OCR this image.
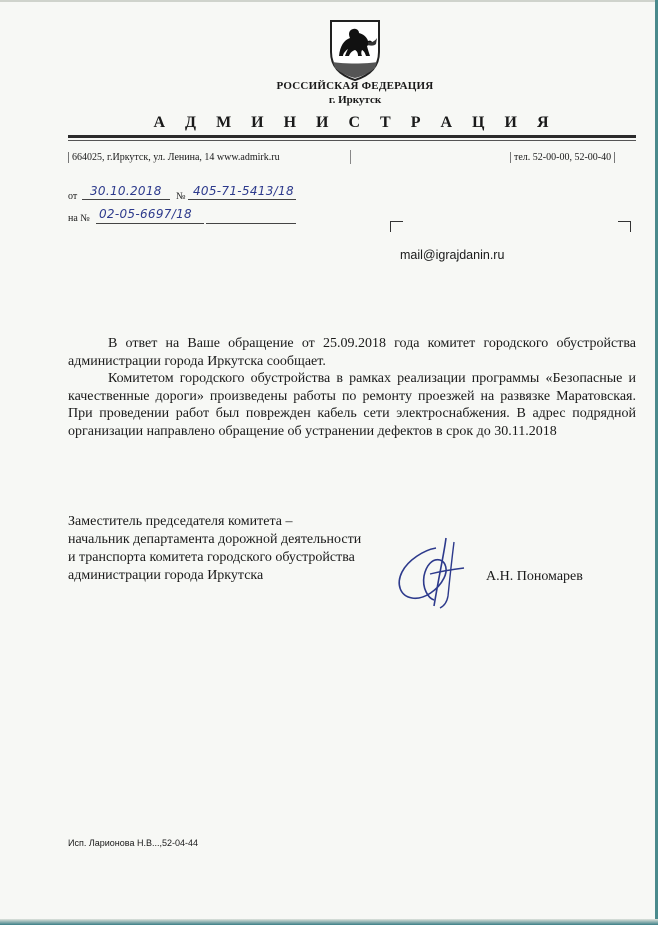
РОССИЙСКАЯ ФЕДЕРАЦИЯ
г. Иркутск
А Д М И Н И С Т Р А Ц И Я
664025, г.Иркутск, ул. Ленина, 14 www.admirk.ru	тел. 52-00-00, 52-00-40
от 30.10.2018 № 405-71-5413/18
на № 02-05-6697/18
mail@igrajdanin.ru

В ответ на Ваше обращение от 25.09.2018 года комитет городского обустройства администрации города Иркутска сообщает.

Комитетом городского обустройства в рамках реализации программы «Безопасные и качественные дороги» произведены работы по ремонту проезжей на развязке Маратовская. При проведении работ был поврежден кабель сети электроснабжения. В адрес подрядной организации направлено обращение об устранении дефектов в срок до 30.11.2018

Заместитель председателя комитета –
начальник департамента дорожной деятельности
и транспорта комитета городского обустройства
администрации города Иркутска	А.Н. Пономарев
Исп. Ларионова Н.В...,52-04-44
